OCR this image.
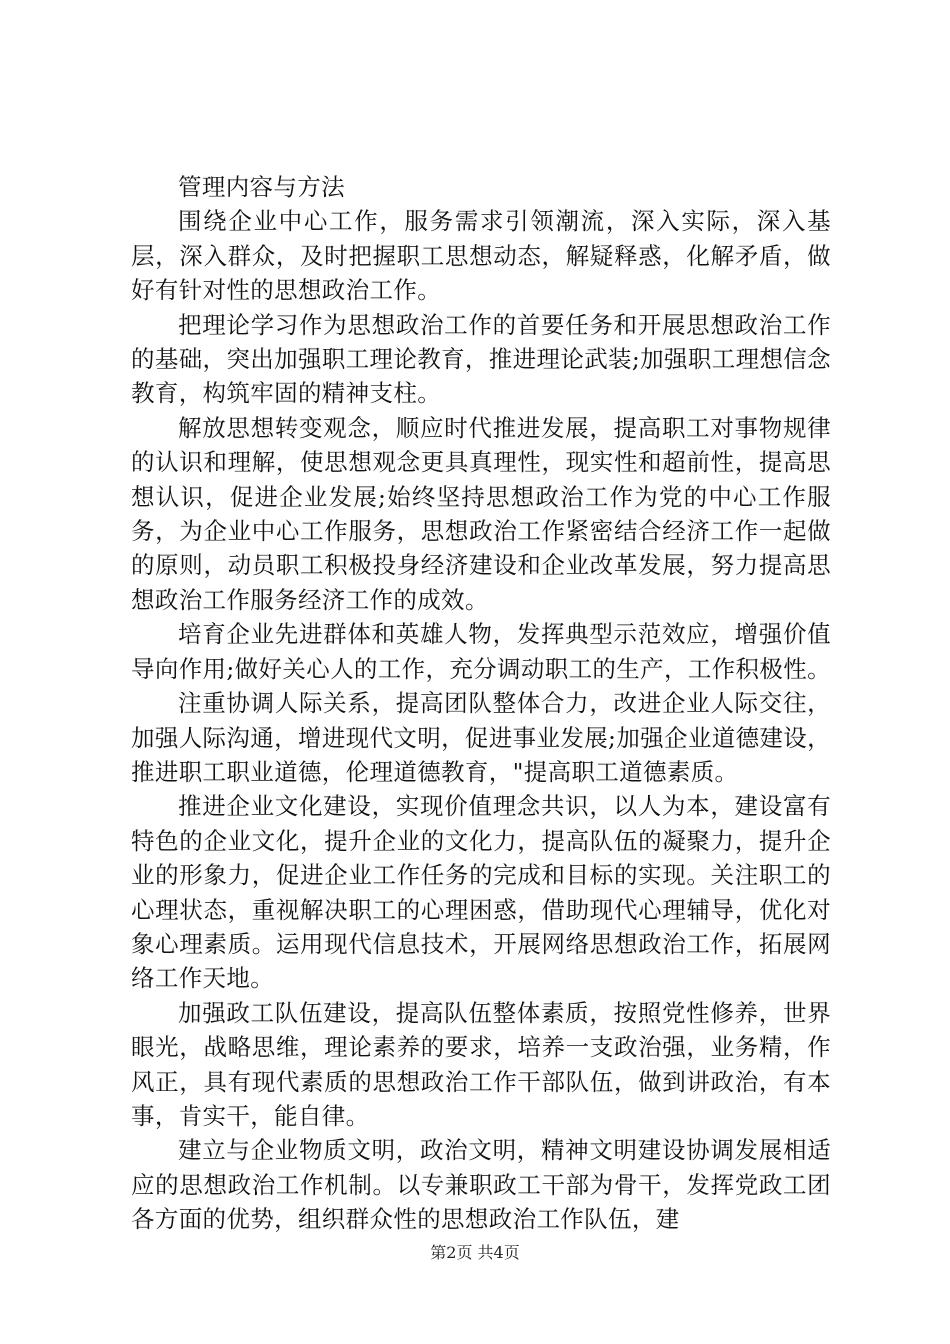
管理内容与方法

围绕企业中心工作，服务需求引领潮流，深入实际，深入基层，深入群众，及时把握职工思想动态，解疑释惑，化解矛盾，做好有针对性的思想政治工作。

把理论学习作为思想政治工作的首要任务和开展思想政治工作的基础，突出加强职工理论教育，推进理论武装;加强职工理想信念教育，构筑牢固的精神支柱。

解放思想转变观念，顺应时代推进发展，提高职工对事物规律的认识和理解，使思想观念更具真理性，现实性和超前性，提高思想认识，促进企业发展;始终坚持思想政治工作为党的中心工作服务，为企业中心工作服务，思想政治工作紧密结合经济工作一起做的原则，动员职工积极投身经济建设和企业改革发展，努力提高思想政治工作服务经济工作的成效。

培育企业先进群体和英雄人物，发挥典型示范效应，增强价值导向作用;做好关心人的工作，充分调动职工的生产，工作积极性。

注重协调人际关系，提高团队整体合力，改进企业人际交往，加强人际沟通，增进现代文明，促进事业发展;加强企业道德建设，推进职工职业道德，伦理道德教育，"提高职工道德素质。

推进企业文化建设，实现价值理念共识，以人为本，建设富有特色的企业文化，提升企业的文化力，提高队伍的凝聚力，提升企业的形象力，促进企业工作任务的完成和目标的实现。关注职工的心理状态，重视解决职工的心理困惑，借助现代心理辅导，优化对象心理素质。运用现代信息技术，开展网络思想政治工作，拓展网络工作天地。

加强政工队伍建设，提高队伍整体素质，按照党性修养，世界眼光，战略思维，理论素养的要求，培养一支政治强，业务精，作风正，具有现代素质的思想政治工作干部队伍，做到讲政治，有本事，肯实干，能自律。

建立与企业物质文明，政治文明，精神文明建设协调发展相适应的思想政治工作机制。以专兼职政工干部为骨干，发挥党政工团各方面的优势，组织群众性的思想政治工作队伍，建

第2页 共4页
